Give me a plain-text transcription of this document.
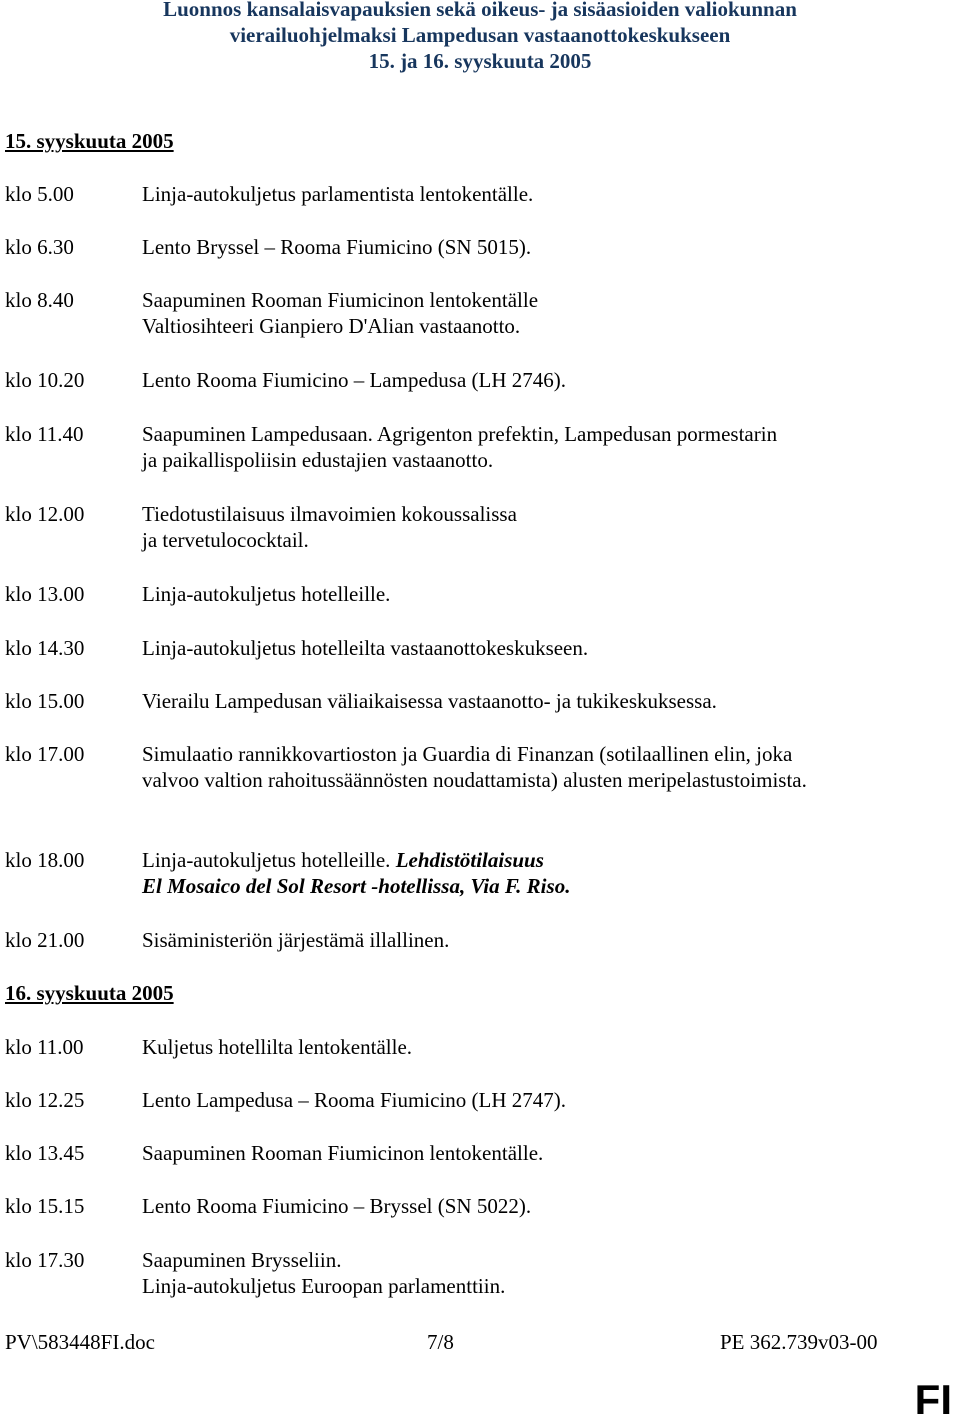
Luonnos kansalaisvapauksien sekä oikeus- ja sisäasioiden valiokunnan
vierailuohjelmaksi Lampedusan vastaanottokeskukseen
15. ja 16. syyskuuta 2005
15. syyskuuta 2005
klo 5.00	Linja-autokuljetus parlamentista lentokentälle.
klo 6.30	Lento Bryssel – Rooma Fiumicino (SN 5015).
klo 8.40	Saapuminen Rooman Fiumicinon lentokentälle
Valtiosihteeri Gianpiero D'Alian vastaanotto.
klo 10.20	Lento Rooma Fiumicino – Lampedusa (LH 2746).
klo 11.40	Saapuminen Lampedusaan. Agrigenton prefektin, Lampedusan pormestarin
ja paikallispoliisin edustajien vastaanotto.
klo 12.00	Tiedotustilaisuus ilmavoimien kokoussalissa
ja tervetulococktail.
klo 13.00	Linja-autokuljetus hotelleille.
klo 14.30	Linja-autokuljetus hotelleilta vastaanottokeskukseen.
klo 15.00	Vierailu Lampedusan väliaikaisessa vastaanotto- ja tukikeskuksessa.
klo 17.00	Simulaatio rannikkovartioston ja Guardia di Finanzan (sotilaallinen elin, joka
valvoo valtion rahoitussäännösten noudattamista) alusten meripelastustoimista.
klo 18.00	Linja-autokuljetus hotelleille. Lehdistötilaisuus
El Mosaico del Sol Resort -hotellissa, Via F. Riso.
klo 21.00	Sisäministeriön järjestämä illallinen.
16. syyskuuta 2005
klo 11.00	Kuljetus hotellilta lentokentälle.
klo 12.25	Lento Lampedusa – Rooma Fiumicino (LH 2747).
klo 13.45	Saapuminen Rooman Fiumicinon lentokentälle.
klo 15.15	Lento Rooma Fiumicino – Bryssel (SN 5022).
klo 17.30	Saapuminen Brysseliin.
Linja-autokuljetus Euroopan parlamenttiin.
PV\583448FI.doc	7/8	PE 362.739v03-00
FI
